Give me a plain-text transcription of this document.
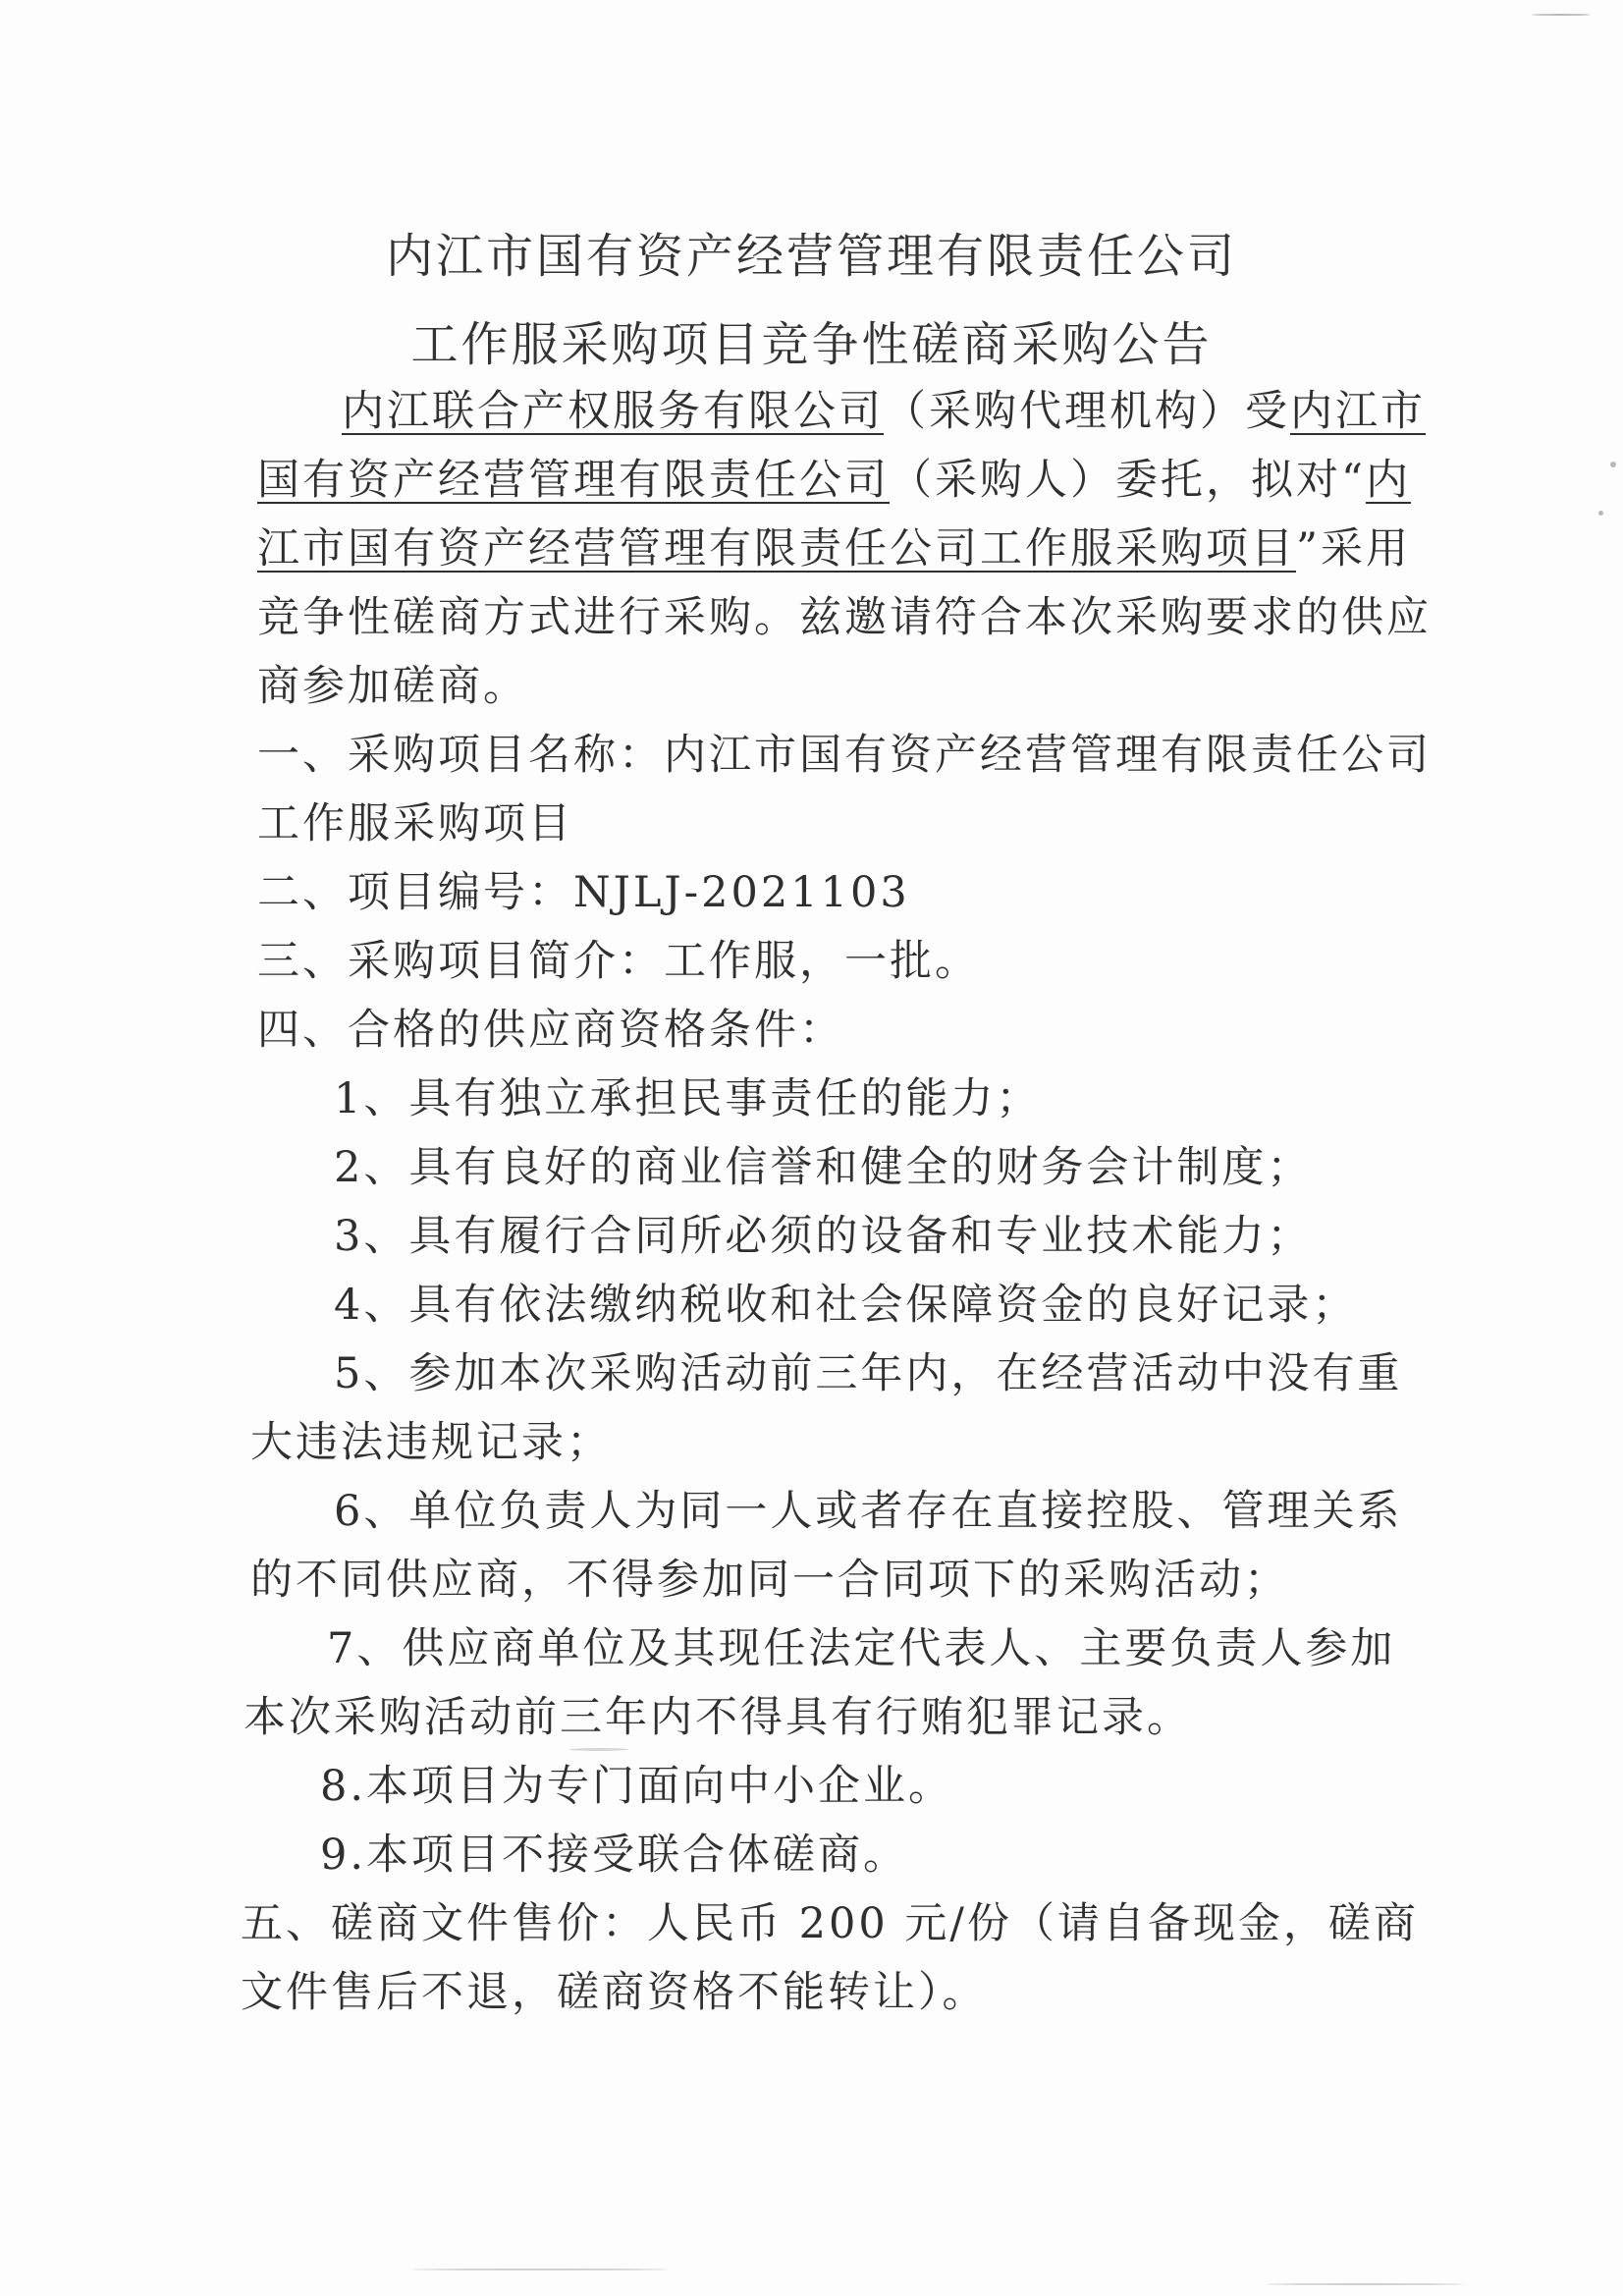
内江市国有资产经营管理有限责任公司
工作服采购项目竞争性磋商采购公告
内江联合产权服务有限公司（采购代理机构）受内江市
国有资产经营管理有限责任公司（采购人）委托，拟对“内
江市国有资产经营管理有限责任公司工作服采购项目”采用
竞争性磋商方式进行采购。兹邀请符合本次采购要求的供应
商参加磋商。
一、采购项目名称：内江市国有资产经营管理有限责任公司
工作服采购项目
二、项目编号：NJLJ-2021103
三、采购项目简介：工作服，一批。
四、合格的供应商资格条件：
1、具有独立承担民事责任的能力；
2、具有良好的商业信誉和健全的财务会计制度；
3、具有履行合同所必须的设备和专业技术能力；
4、具有依法缴纳税收和社会保障资金的良好记录；
5、参加本次采购活动前三年内，在经营活动中没有重
大违法违规记录；
6、单位负责人为同一人或者存在直接控股、管理关系
的不同供应商，不得参加同一合同项下的采购活动；
7、供应商单位及其现任法定代表人、主要负责人参加
本次采购活动前三年内不得具有行贿犯罪记录。
8.本项目为专门面向中小企业。
9.本项目不接受联合体磋商。
五、磋商文件售价：人民币 200 元/份（请自备现金，磋商
文件售后不退，磋商资格不能转让）。
